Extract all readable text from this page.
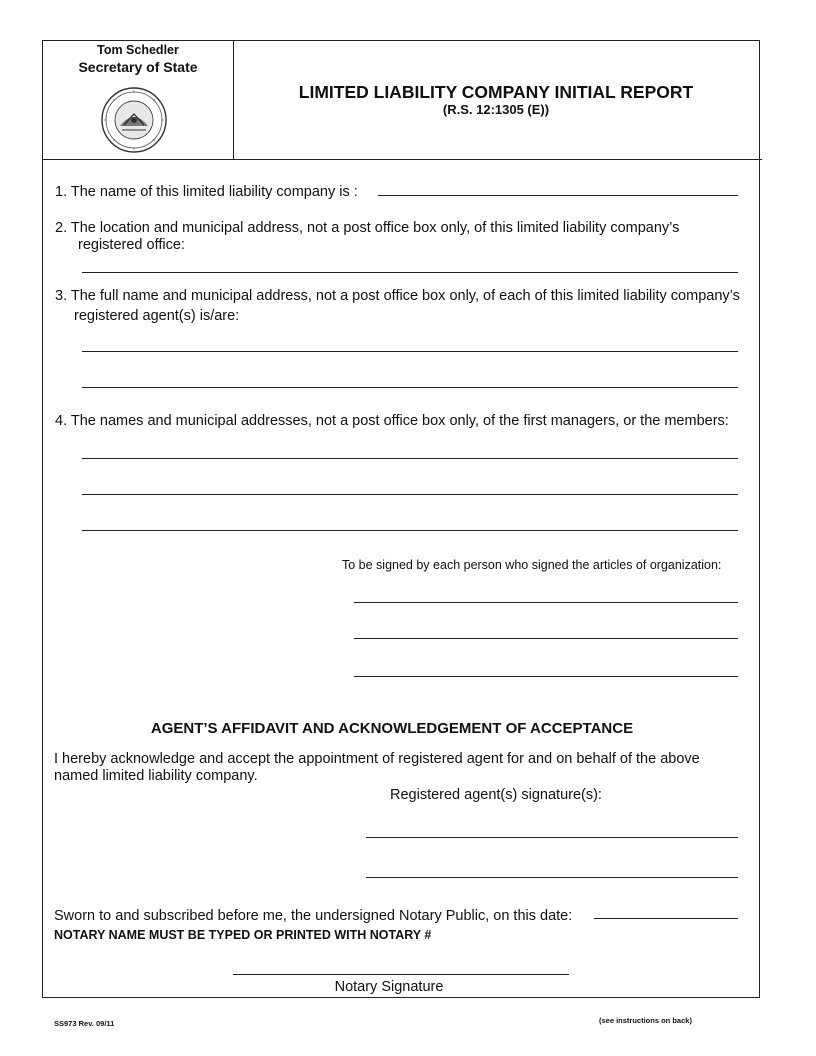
Tom Schedler
Secretary of State
LIMITED LIABILITY COMPANY INITIAL REPORT
(R.S. 12:1305 (E))
1. The name of this limited liability company is :
2. The location and municipal address, not a post office box only, of this limited liability company’s
registered office:
3. The full name and municipal address, not a post office box only, of each of this limited liability company’s
registered agent(s) is/are:
4. The names and municipal addresses, not a post office box only, of the first managers, or the members:
To be signed by each person who signed the articles of organization:
AGENT’S AFFIDAVIT AND ACKNOWLEDGEMENT OF ACCEPTANCE
I hereby acknowledge and accept the appointment of registered agent for and on behalf of the above
named limited liability company.
Registered agent(s) signature(s):
Sworn to and subscribed before me, the undersigned Notary Public, on this date:
NOTARY NAME MUST BE TYPED OR PRINTED WITH NOTARY #
Notary Signature
SS973 Rev. 09/11	(see instructions on back)
